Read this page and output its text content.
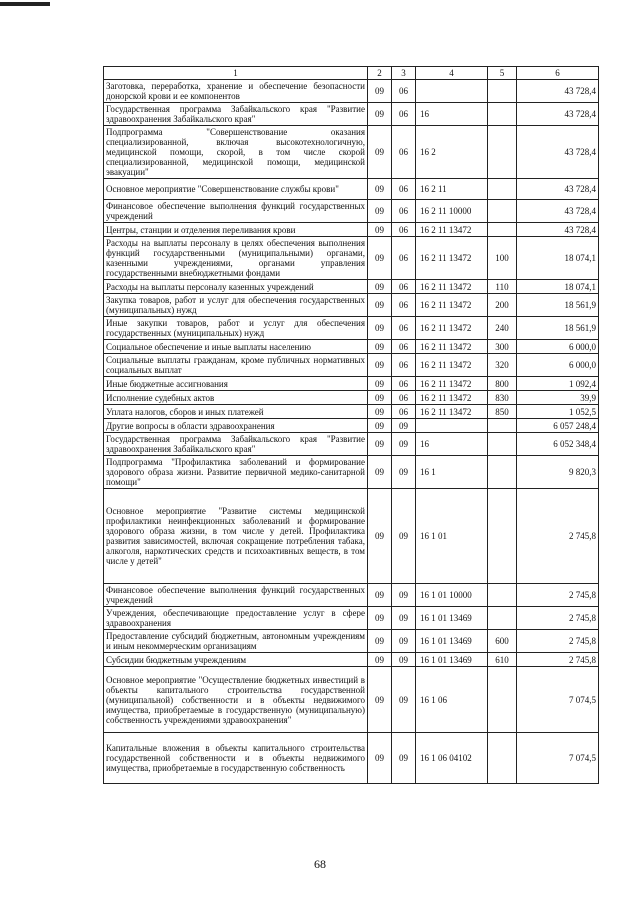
1	2	3	4	5	6
Заготовка, переработка, хранение и обеспечение безопасности донорской крови и ее компонентов	09	06			43 728,4
Государственная программа Забайкальского края "Развитие здравоохранения Забайкальского края"	09	06	16		43 728,4
Подпрограмма "Совершенствование оказания специализированной, включая высокотехнологичную, медицинской помощи, скорой, в том числе скорой специализированной, медицинской помощи, медицинской эвакуации"	09	06	16 2		43 728,4
Основное мероприятие "Совершенствование службы крови"	09	06	16 2 11		43 728,4
Финансовое обеспечение выполнения функций государственных учреждений	09	06	16 2 11 10000		43 728,4
Центры, станции и отделения переливания крови	09	06	16 2 11 13472		43 728,4
Расходы на выплаты персоналу в целях обеспечения выполнения функций государственными (муниципальными) органами, казенными учреждениями, органами управления государственными внебюджетными фондами	09	06	16 2 11 13472	100	18 074,1
Расходы на выплаты персоналу казенных учреждений	09	06	16 2 11 13472	110	18 074,1
Закупка товаров, работ и услуг для обеспечения государственных (муниципальных) нужд	09	06	16 2 11 13472	200	18 561,9
Иные закупки товаров, работ и услуг для обеспечения государственных (муниципальных) нужд	09	06	16 2 11 13472	240	18 561,9
Социальное обеспечение и иные выплаты населению	09	06	16 2 11 13472	300	6 000,0
Социальные выплаты гражданам, кроме публичных нормативных социальных выплат	09	06	16 2 11 13472	320	6 000,0
Иные бюджетные ассигнования	09	06	16 2 11 13472	800	1 092,4
Исполнение судебных актов	09	06	16 2 11 13472	830	39,9
Уплата налогов, сборов и иных платежей	09	06	16 2 11 13472	850	1 052,5
Другие вопросы в области здравоохранения	09	09			6 057 248,4
Государственная программа Забайкальского края "Развитие здравоохранения Забайкальского края"	09	09	16		6 052 348,4
Подпрограмма "Профилактика заболеваний и формирование здорового образа жизни. Развитие первичной медико-санитарной помощи"	09	09	16 1		9 820,3
Основное мероприятие "Развитие системы медицинской профилактики неинфекционных заболеваний и формирование здорового образа жизни, в том числе у детей. Профилактика развития зависимостей, включая сокращение потребления табака, алкоголя, наркотических средств и психоактивных веществ, в том числе у детей"	09	09	16 1 01		2 745,8
Финансовое обеспечение выполнения функций государственных учреждений	09	09	16 1 01 10000		2 745,8
Учреждения, обеспечивающие предоставление услуг в сфере здравоохранения	09	09	16 1 01 13469		2 745,8
Предоставление субсидий бюджетным, автономным учреждениям и иным некоммерческим организациям	09	09	16 1 01 13469	600	2 745,8
Субсидии бюджетным учреждениям	09	09	16 1 01 13469	610	2 745,8
Основное мероприятие "Осуществление бюджетных инвестиций в объекты капитального строительства государственной (муниципальной) собственности и в объекты недвижимого имущества, приобретаемые в государственную (муниципальную) собственность учреждениями здравоохранения"	09	09	16 1 06		7 074,5
Капитальные вложения в объекты капитального строительства государственной собственности и в объекты недвижимого имущества, приобретаемые в государственную собственность	09	09	16 1 06 04102		7 074,5
68
